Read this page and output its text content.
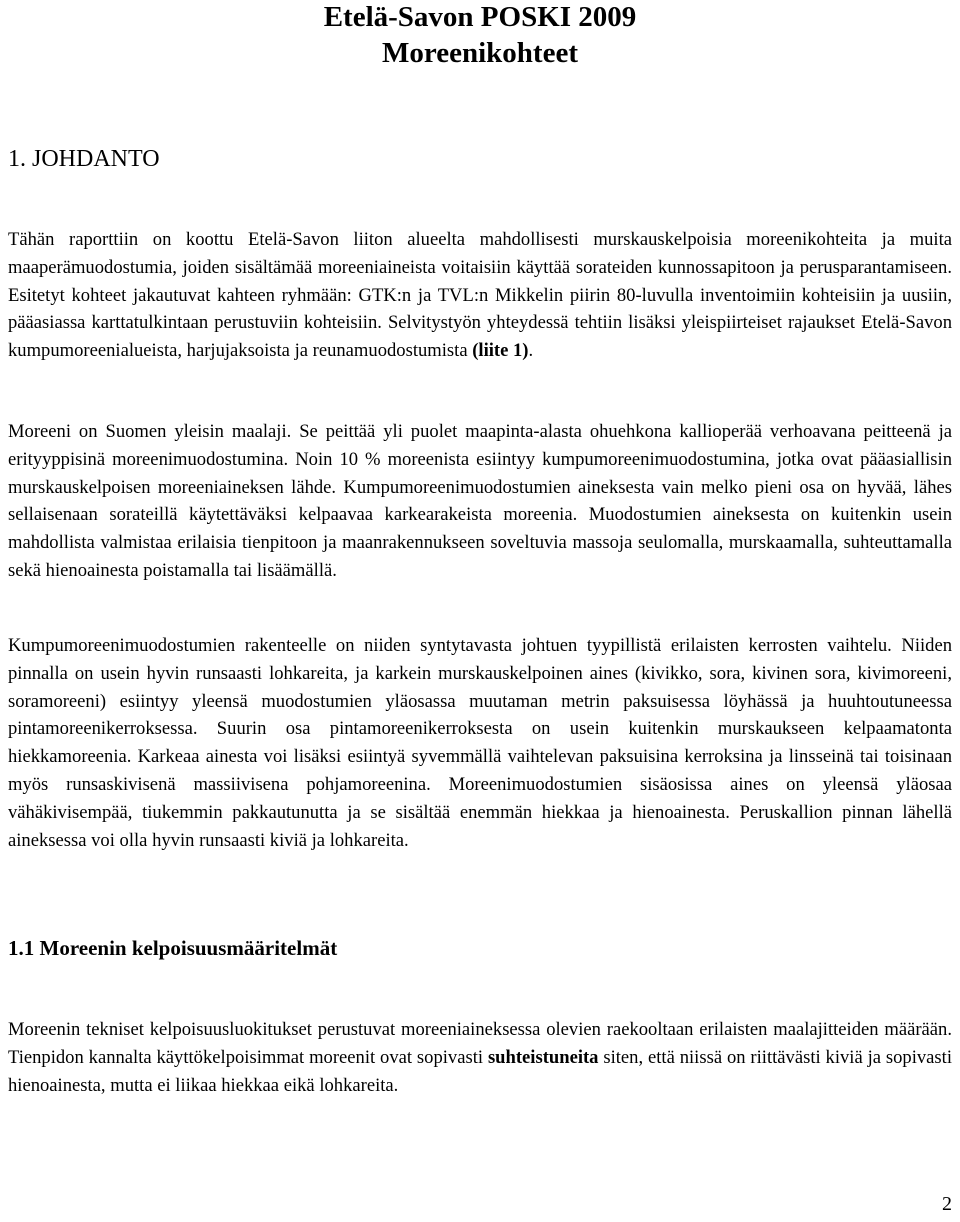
Etelä-Savon POSKI 2009
Moreenikohteet
1. JOHDANTO

Tähän raporttiin on koottu Etelä-Savon liiton alueelta mahdollisesti murskauskelpoisia moreenikohteita ja muita maaperämuodostumia, joiden sisältämää moreeniaineista voitaisiin käyttää sorateiden kunnossapitoon ja perusparantamiseen. Esitetyt kohteet jakautuvat kahteen ryhmään: GTK:n ja TVL:n Mikkelin piirin 80-luvulla inventoimiin kohteisiin ja uusiin, pääasiassa karttatulkintaan perustuviin kohteisiin. Selvitystyön yhteydessä tehtiin lisäksi yleispiirteiset rajaukset Etelä-Savon kumpumoreenialueista, harjujaksoista ja reunamuodostumista (liite 1).

Moreeni on Suomen yleisin maalaji. Se peittää yli puolet maapinta-alasta ohuehkona kallioperää verhoavana peitteenä ja erityyppisinä moreenimuodostumina. Noin 10 % moreenista esiintyy kumpumoreenimuodostumina, jotka ovat pääasiallisin murskauskelpoisen moreeniaineksen lähde. Kumpumoreenimuodostumien aineksesta vain melko pieni osa on hyvää, lähes sellaisenaan sorateillä käytettäväksi kelpaavaa karkearakeista moreenia. Muodostumien aineksesta on kuitenkin usein mahdollista valmistaa erilaisia tienpitoon ja maanrakennukseen soveltuvia massoja seulomalla, murskaamalla, suhteuttamalla sekä hienoainesta poistamalla tai lisäämällä.

Kumpumoreenimuodostumien rakenteelle on niiden syntytavasta johtuen tyypillistä erilaisten kerrosten vaihtelu. Niiden pinnalla on usein hyvin runsaasti lohkareita, ja karkein murskauskelpoinen aines (kivikko, sora, kivinen sora, kivimoreeni, soramoreeni) esiintyy yleensä muodostumien yläosassa muutaman metrin paksuisessa löyhässä ja huuhtoutuneessa pintamoreenikerroksessa. Suurin osa pintamoreenikerroksesta on usein kuitenkin murskaukseen kelpaamatonta hiekkamoreenia. Karkeaa ainesta voi lisäksi esiintyä syvemmällä vaihtelevan paksuisina kerroksina ja linsseinä tai toisinaan myös runsaskivisenä massiivisena pohjamoreenina. Moreenimuodostumien sisäosissa aines on yleensä yläosaa vähäkivisempää, tiukemmin pakkautunutta ja se sisältää enemmän hiekkaa ja hienoainesta. Peruskallion pinnan lähellä aineksessa voi olla hyvin runsaasti kiviä ja lohkareita.

1.1 Moreenin kelpoisuusmääritelmät

Moreenin tekniset kelpoisuusluokitukset perustuvat moreeniaineksessa olevien raekooltaan erilaisten maalajitteiden määrään. Tienpidon kannalta käyttökelpoisimmat moreenit ovat sopivasti suhteistuneita siten, että niissä on riittävästi kiviä ja sopivasti hienoainesta, mutta ei liikaa hiekkaa eikä lohkareita.

2
